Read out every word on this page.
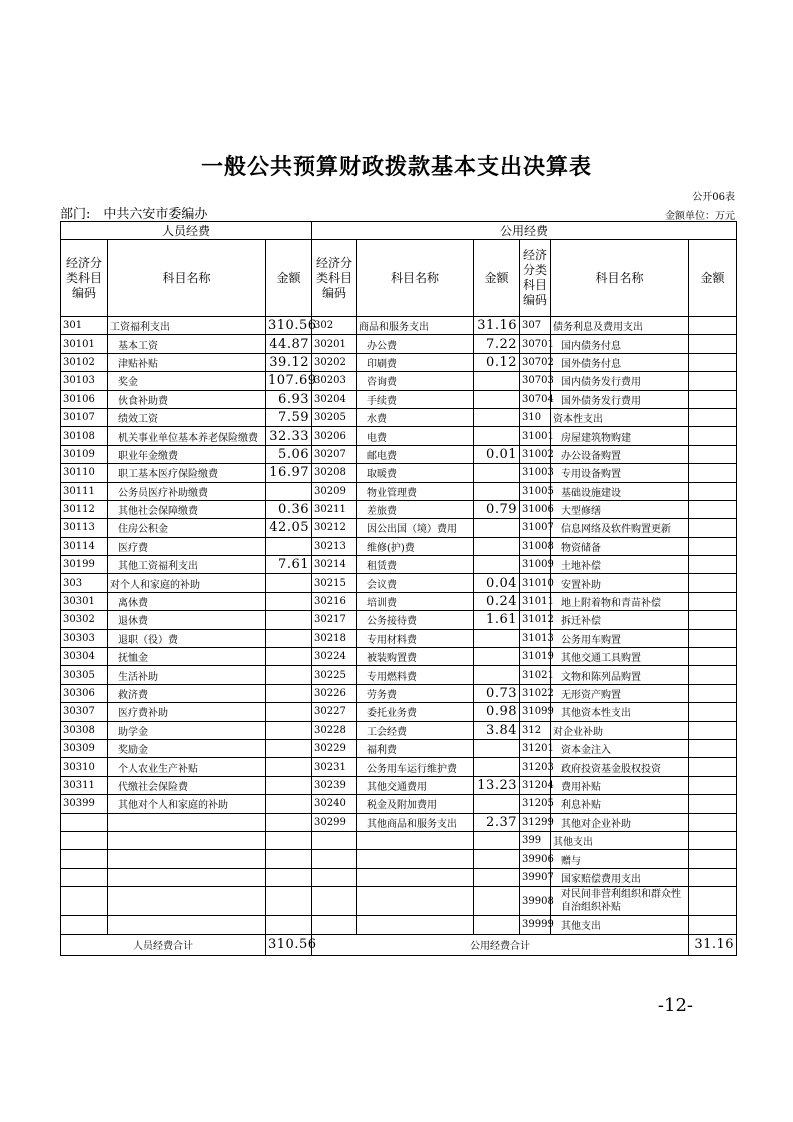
一般公共预算财政拨款基本支出决算表
公开06表
部门:　中共六安市委编办	金额单位：万元
人员经费			公用经费					
经济分类科目编码	科目名称	金额	经济分类科目编码	科目名称	金额	经济分类科目编码	科目名称	金额
301	工资福利支出	310.56	302	商品和服务支出	31.16	307	债务利息及费用支出	
30101	基本工资	44.87	30201	办公费	7.22	30701	国内债务付息	
30102	津贴补贴	39.12	30202	印刷费	0.12	30702	国外债务付息	
30103	奖金	107.69	30203	咨询费		30703	国内债务发行费用	
30106	伙食补助费	6.93	30204	手续费		30704	国外债务发行费用	
30107	绩效工资	7.59	30205	水费		310	资本性支出	
30108	机关事业单位基本养老保险缴费	32.33	30206	电费		31001	房屋建筑物购建	
30109	职业年金缴费	5.06	30207	邮电费	0.01	31002	办公设备购置	
30110	职工基本医疗保险缴费	16.97	30208	取暖费		31003	专用设备购置	
30111	公务员医疗补助缴费		30209	物业管理费		31005	基础设施建设	
30112	其他社会保障缴费	0.36	30211	差旅费	0.79	31006	大型修缮	
30113	住房公积金	42.05	30212	因公出国（境）费用		31007	信息网络及软件购置更新	
30114	医疗费		30213	维修(护)费		31008	物资储备	
30199	其他工资福利支出	7.61	30214	租赁费		31009	土地补偿	
303	对个人和家庭的补助		30215	会议费	0.04	31010	安置补助	
30301	离休费		30216	培训费	0.24	31011	地上附着物和青苗补偿	
30302	退休费		30217	公务接待费	1.61	31012	拆迁补偿	
30303	退职（役）费		30218	专用材料费		31013	公务用车购置	
30304	抚恤金		30224	被装购置费		31019	其他交通工具购置	
30305	生活补助		30225	专用燃料费		31021	文物和陈列品购置	
30306	救济费		30226	劳务费	0.73	31022	无形资产购置	
30307	医疗费补助		30227	委托业务费	0.98	31099	其他资本性支出	
30308	助学金		30228	工会经费	3.84	312	对企业补助	
30309	奖励金		30229	福利费		31201	资本金注入	
30310	个人农业生产补贴		30231	公务用车运行维护费		31203	政府投资基金股权投资	
30311	代缴社会保险费		30239	其他交通费用	13.23	31204	费用补贴	
30399	其他对个人和家庭的补助		30240	税金及附加费用		31205	利息补贴	
			30299	其他商品和服务支出	2.37	31299	其他对企业补助	
						399	其他支出	
						39906	赠与	
						39907	国家赔偿费用支出	
						39908	对民间非营利组织和群众性自治组织补贴	
						39999	其他支出	
人员经费合计		310.56	公用经费合计					31.16
-12-
